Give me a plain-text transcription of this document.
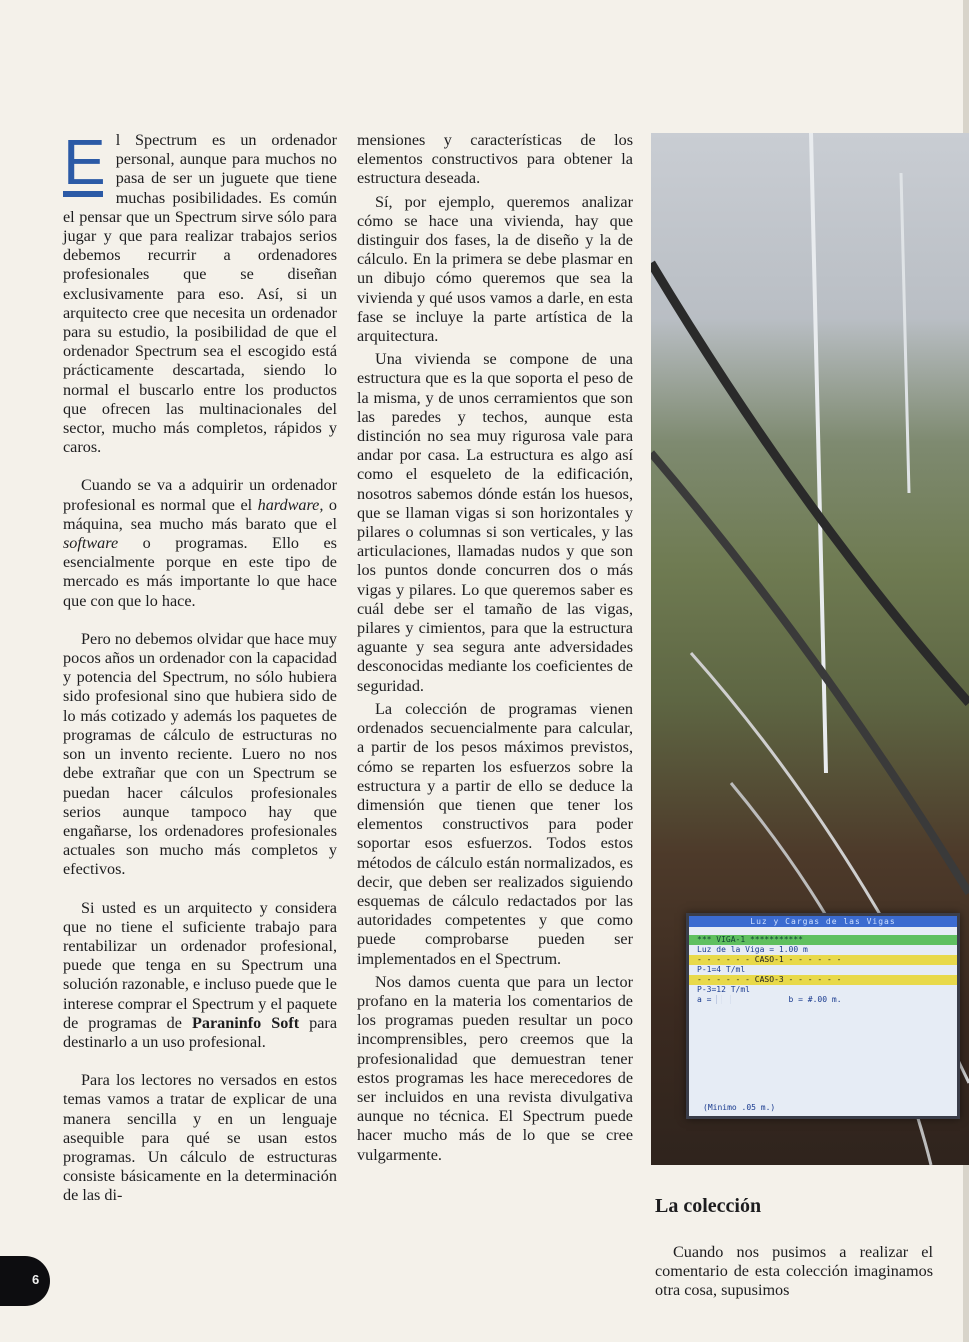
El Spectrum es un ordenador personal, aunque para muchos no pasa de ser un juguete que tiene muchas posibilidades. Es común el pensar que un Spectrum sirve sólo para jugar y que para realizar trabajos serios debemos recurrir a ordenadores profesionales que se diseñan exclusivamente para eso. Así, si un arquitecto cree que necesita un ordenador para su estudio, la posibilidad de que el ordenador Spectrum sea el escogido está prácticamente descartada, siendo lo normal el buscarlo entre los productos que ofrecen las multinacionales del sector, mucho más completos, rápidos y caros.

Cuando se va a adquirir un ordenador profesional es normal que el hardware, o máquina, sea mucho más barato que el software o programas. Ello es esencialmente porque en este tipo de mercado es más importante lo que hace que con que lo hace.

Pero no debemos olvidar que hace muy pocos años un ordenador con la capacidad y potencia del Spectrum, no sólo hubiera sido profesional sino que hubiera sido de lo más cotizado y además los paquetes de programas de cálculo de estructuras no son un invento reciente. Luero no nos debe extrañar que con un Spectrum se puedan hacer cálculos profesionales serios aunque tampoco hay que engañarse, los ordenadores profesionales actuales son mucho más completos y efectivos.

Si usted es un arquitecto y considera que no tiene el suficiente trabajo para rentabilizar un ordenador profesional, puede que tenga en su Spectrum una solución razonable, e incluso puede que le interese comprar el Spectrum y el paquete de programas de Paraninfo Soft para destinarlo a un uso profesional.

Para los lectores no versados en estos temas vamos a tratar de explicar de una manera sencilla y en un lenguaje asequible para qué se usan estos programas. Un cálculo de estructuras consiste básicamente en la determinación de las di-

mensiones y características de los elementos constructivos para obtener la estructura deseada.

Sí, por ejemplo, queremos analizar cómo se hace una vivienda, hay que distinguir dos fases, la de diseño y la de cálculo. En la primera se debe plasmar en un dibujo cómo queremos que sea la vivienda y qué usos vamos a darle, en esta fase se incluye la parte artística de la arquitectura.

Una vivienda se compone de una estructura que es la que soporta el peso de la misma, y de unos cerramientos que son las paredes y techos, aunque esta distinción no sea muy rigurosa vale para andar por casa. La estructura es algo así como el esqueleto de la edificación, nosotros sabemos dónde están los huesos, que se llaman vigas si son horizontales y pilares o columnas si son verticales, y las articulaciones, llamadas nudos y que son los puntos donde concurren dos o más vigas y pilares. Lo que queremos saber es cuál debe ser el tamaño de las vigas, pilares y cimientos, para que la estructura aguante y sea segura ante adversidades desconocidas mediante los coeficientes de seguridad.

La colección de programas vienen ordenados secuencialmente para calcular, a partir de los pesos máximos previstos, cómo se reparten los esfuerzos sobre la estructura y a partir de ello se deduce la dimensión que tienen que tener los elementos constructivos para poder soportar esos esfuerzos. Todos estos métodos de cálculo están normalizados, es decir, que deben ser realizados siguiendo esquemas de cálculo redactados por las autoridades competentes y que como puede comprobarse pueden ser implementados en el Spectrum.

Nos damos cuenta que para un lector profano en la materia los comentarios de los programas pueden resultar un poco incomprensibles, pero creemos que la profesionalidad que demuestran tener estos programas les hace merecedores de ser incluidos en una revista divulgativa aunque no técnica. El Spectrum puede hacer mucho más de lo que se cree vulgarmente.

Luz y Cargas de las Vigas
*** VIGA-1 ***********
Luz de la Viga = 1.00 m
- - - - - - CASO-1 - - - - - -
P-1=4 T/ml
- - - - - - CASO-3 - - - - - -
P-3=12 T/ml
a = █████	b = #.00 m.
(Minimo .05 m.)
La colección

Cuando nos pusimos a realizar el comentario de esta colección imaginamos otra cosa, supusimos

6
